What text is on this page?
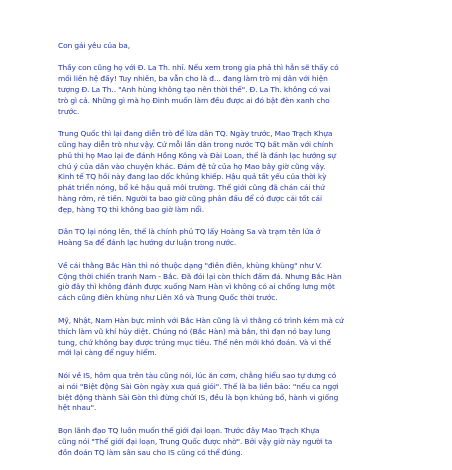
Con gái yêu của ba,

Thầy con cũng họ với Đ. La Th. nhỉ. Nếu xem trong gia phả thì hẳn sẽ thấy có
mối liên hệ đấy! Tuy nhiên, ba vẫn cho là đ... đang làm trò mị dân với hiện
tượng Đ. La Th.. "Anh hùng không tạo nên thời thế". Đ. La Th. không có vai
trò gì cả. Những gì mà họ Đinh muốn làm đều được ai đó bật đèn xanh cho
trước.

Trung Quốc thì lại đang diễn trò để lừa dân TQ. Ngày trước, Mao Trạch Khựa
cũng hay diễn trò như vậy. Cứ mỗi lần dân trong nước TQ bất mãn với chính
phủ thì họ Mao lại đe đánh Hồng Kông và Đài Loan, thế là đánh lạc hướng sự
chú ý của dân vào chuyện khác. Đám đệ tử của họ Mao bây giờ cũng vậy.
Kinh tế TQ hồi này đang lao dốc khủng khiếp. Hậu quả tất yếu của thời kỳ
phát triển nóng, bổ kẻ hậu quả môi trường. Thế giới cũng đã chán cái thứ
hàng rởm, rẻ tiền. Người ta bao giờ cũng phân đấu để có được cái tốt cái
đẹp, hàng TQ thì không bao giờ làm nổi.

Dân TQ lại nóng lên, thế là chính phủ TQ lấy Hoàng Sa và trạm tên lửa ở
Hoàng Sa để đánh lạc hướng dư luận trong nước.

Về cái thằng Bắc Hàn thì nó thuộc dạng "điên điên, khùng khùng" như V.
Cộng thời chiến tranh Nam - Bắc. Đã đói lại còn thích đấm đá. Nhưng Bắc Hàn
giờ đây thì không đánh được xuống Nam Hàn vì không có ai chống lưng một
cách cũng điên khùng như Liên Xô và Trung Quốc thời trước.

Mỹ, Nhật, Nam Hàn bực mình với Bắc Hàn cũng là vì thằng có trình kém mà cứ
thích làm vũ khí hủy diệt. Chúng nó (Bắc Hàn) mà bắn, thì đạn nó bay lung
tung, chứ không bay được trúng mục tiêu. Thế nên mới khó đoán. Và vì thế
mới lại càng để nguy hiểm.

Nói về IS, hôm qua trên tàu cũng nói, lúc ăn cơm, chẳng hiểu sao tự dưng có
ai nói "Biệt động Sài Gòn ngày xưa quá giỏi". Thế là ba liền bảo: "nếu ca ngợi
biệt động thành Sài Gòn thì đừng chửi IS, đều là bọn khủng bố, hành vi giống
hệt nhau".

Bọn lãnh đạo TQ luôn muốn thế giới đại loạn. Trước đây Mao Trạch Khựa
cũng nói "Thế giới đại loạn, Trung Quốc được nhờ". Bởi vậy giờ này người ta
đồn đoán TQ làm sân sau cho IS cũng có thể đúng.
